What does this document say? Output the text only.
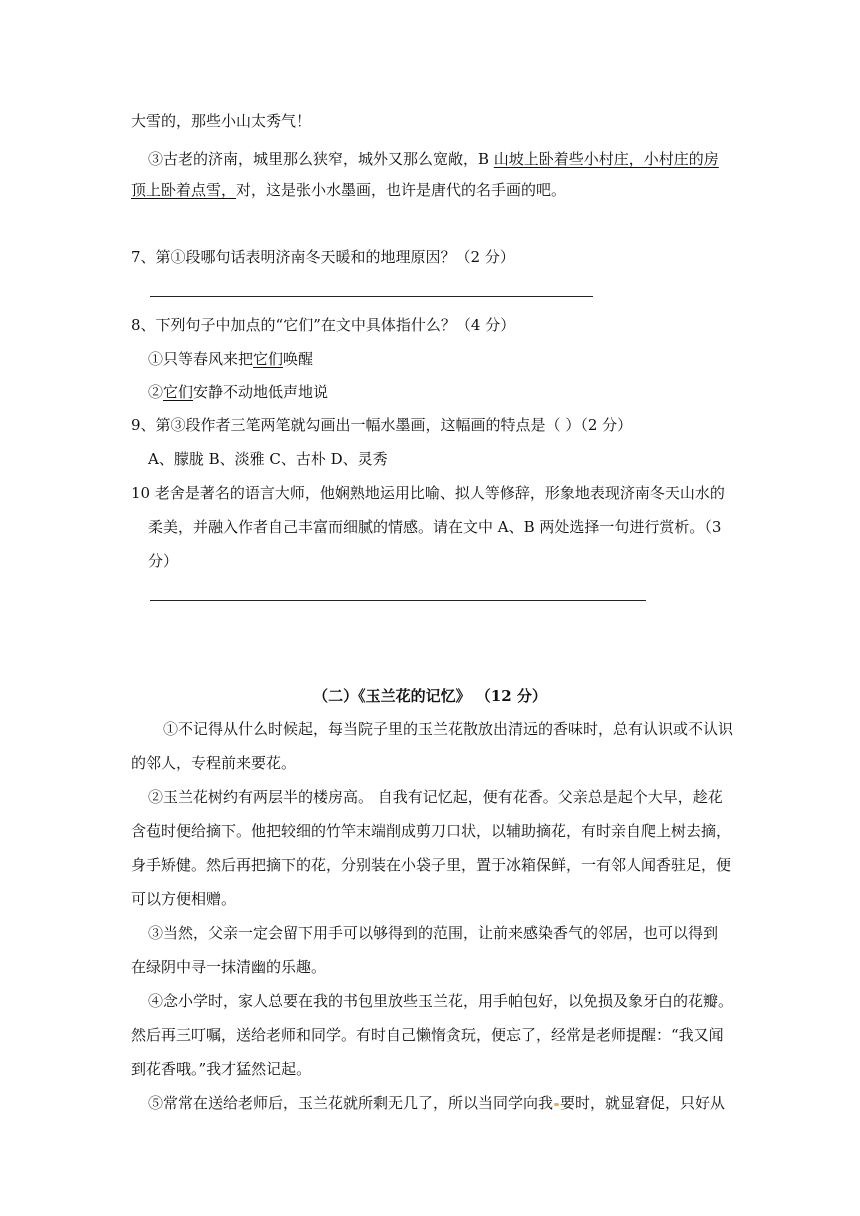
大雪的，那些小山太秀气！
③古老的济南，城里那么狭窄，城外又那么宽敞，B 山坡上卧着些小村庄，小村庄的房
顶上卧着点雪，对，这是张小水墨画，也许是唐代的名手画的吧。
7、第①段哪句话表明济南冬天暖和的地理原因？（2 分）
8、下列句子中加点的“它们”在文中具体指什么？（4 分）
①只等春风来把它们唤醒
②它们安静不动地低声地说
9、第③段作者三笔两笔就勾画出一幅水墨画，这幅画的特点是（ ）（2 分）
A、朦胧 B、淡雅 C、古朴 D、灵秀
10 老舍是著名的语言大师，他娴熟地运用比喻、拟人等修辞，形象地表现济南冬天山水的
柔美，并融入作者自己丰富而细腻的情感。请在文中 A、B 两处选择一句进行赏析。（3
分）
（二）《玉兰花的记忆》 （12 分）
①不记得从什么时候起，每当院子里的玉兰花散放出清远的香味时，总有认识或不认识
的邻人，专程前来要花。
②玉兰花树约有两层半的楼房高。 自我有记忆起，便有花香。父亲总是起个大早，趁花
含苞时便给摘下。他把较细的竹竿末端削成剪刀口状，以辅助摘花，有时亲自爬上树去摘，
身手矫健。然后再把摘下的花，分别装在小袋子里，置于冰箱保鲜，一有邻人闻香驻足，便
可以方便相赠。
③当然，父亲一定会留下用手可以够得到的范围，让前来感染香气的邻居，也可以得到
在绿阴中寻一抹清幽的乐趣。
④念小学时，家人总要在我的书包里放些玉兰花，用手帕包好，以免损及象牙白的花瓣。
然后再三叮嘱，送给老师和同学。有时自己懒惰贪玩，便忘了，经常是老师提醒：“我又闻
到花香哦。”我才猛然记起。
⑤常常在送给老师后，玉兰花就所剩无几了，所以当同学向我 要时，就显窘促，只好从
